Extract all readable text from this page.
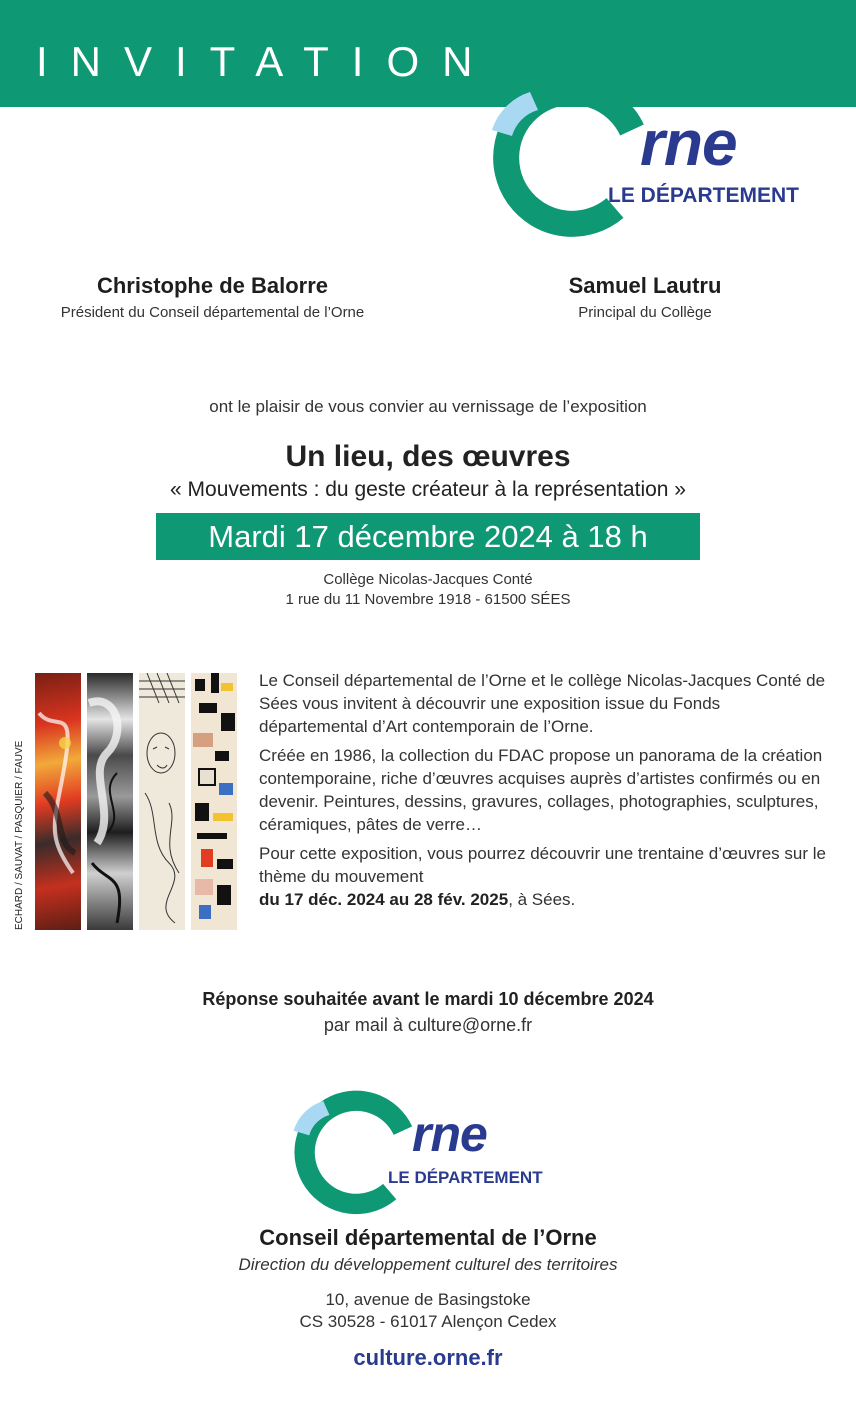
INVITATION
rne
LE DÉPARTEMENT
Christophe de Balorre
Président du Conseil départemental de l’Orne
Samuel Lautru
Principal du Collège
ont le plaisir de vous convier au vernissage de l’exposition
Un lieu, des œuvres
« Mouvements : du geste créateur à la représentation »
Mardi 17 décembre 2024 à 18 h
Collège Nicolas-Jacques Conté
1 rue du 11 Novembre 1918 - 61500 SÉES
ECHARD / SAUVAT / PASQUIER / FAUVE

Le Conseil départemental de l’Orne et le collège Nicolas-Jacques Conté de Sées vous invitent à découvrir une exposition issue du Fonds départemental d’Art contemporain de l’Orne.

Créée en 1986, la collection du FDAC propose un panorama de la création contemporaine, riche d’œuvres acquises auprès d’artistes confirmés ou en devenir. Peintures, dessins, gravures, collages, photographies, sculptures, céramiques, pâtes de verre…

Pour cette exposition, vous pourrez découvrir une trentaine d’œuvres sur le thème du mouvement
du 17 déc. 2024 au 28 fév. 2025, à Sées.

Réponse souhaitée avant le mardi 10 décembre 2024
par mail à culture@orne.fr
rne
LE DÉPARTEMENT
Conseil départemental de l’Orne
Direction du développement culturel des territoires
10, avenue de Basingstoke
CS 30528 - 61017 Alençon Cedex
culture.orne.fr
